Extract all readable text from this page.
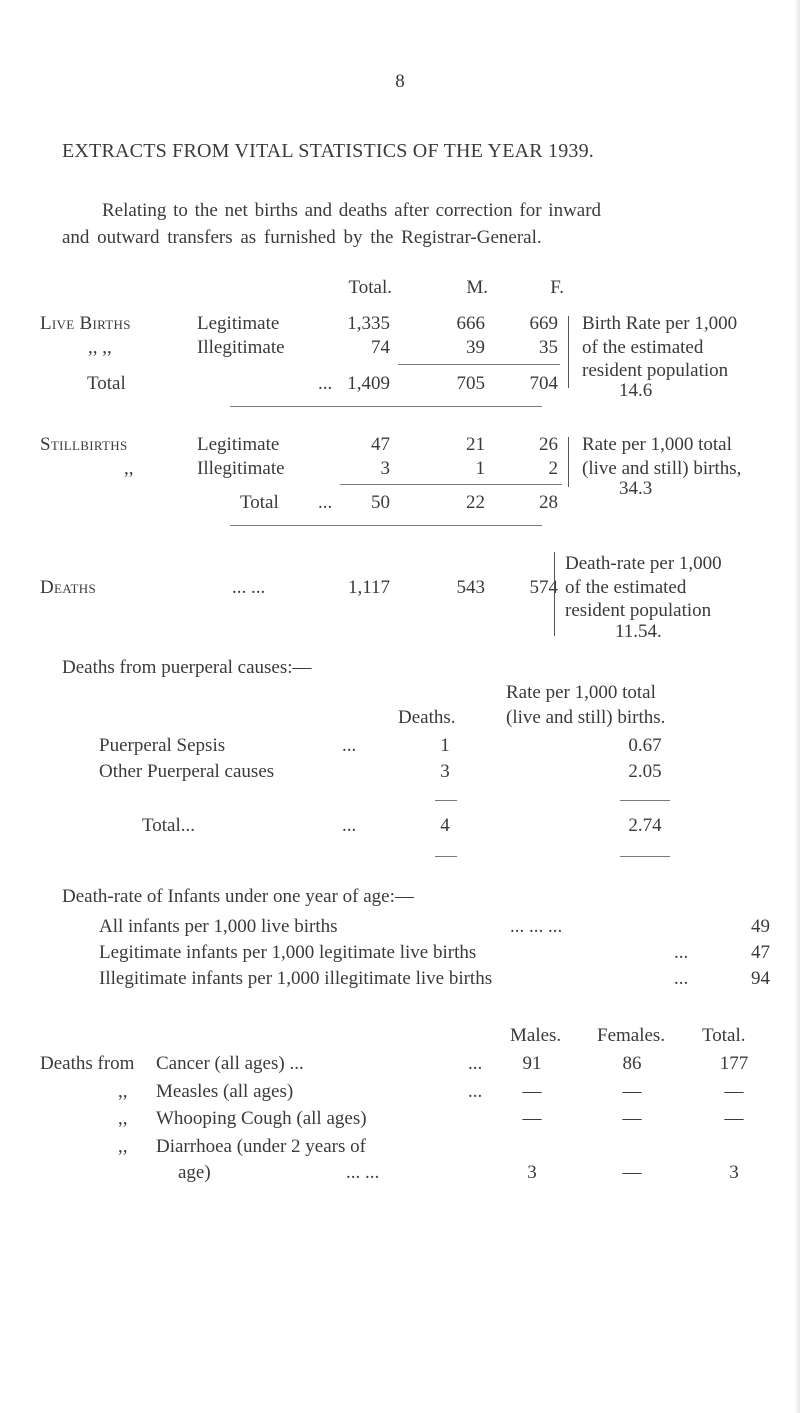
8
EXTRACTS FROM VITAL STATISTICS OF THE YEAR 1939.
Relating to the net births and deaths after correction for inward
and outward transfers as furnished by the Registrar-General.
Total.	M.	F.
Live Births	Legitimate	1,335	666	669
,, ,,	Illegitimate	74	39	35
Total	... 1,409	705	704
Birth Rate per 1,000
of the estimated
resident population
14.6
Stillbirths	Legitimate	47	21	26
,,	Illegitimate	3	1	2
Total ...	50	22	28
Rate per 1,000 total
(live and still) births,
34.3
Deaths	... ...	1,117	543	574
Death-rate per 1,000
of the estimated
resident population
11.54.
Deaths from puerperal causes:—
Rate per 1,000 total
Deaths.	(live and still) births.
Puerperal Sepsis	...	1	0.67
Other Puerperal causes	3	2.05
Total...	...	4	2.74
Death-rate of Infants under one year of age:—
All infants per 1,000 live births	... ... ...	49
Legitimate infants per 1,000 legitimate live births	...	47
Illegitimate infants per 1,000 illegitimate live births	...	94
Males. Females. Total.
Deaths from Cancer (all ages) ...	...	91	86	177
,, Measles (all ages)	...	—	—	—
,, Whooping Cough (all ages)	—	—	—
,, Diarrhoea (under 2 years of
age)	... ...	3	—	3
